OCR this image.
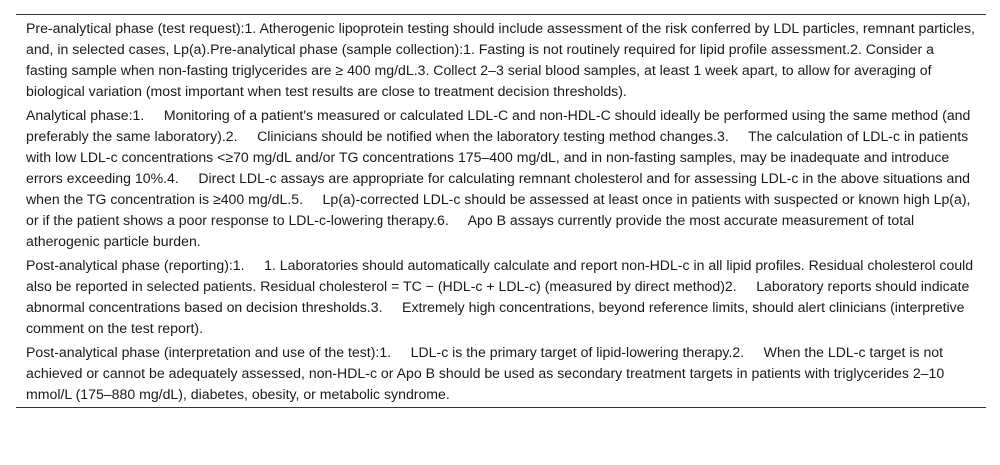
Pre-analytical phase (test request):1. Atherogenic lipoprotein testing should include assessment of the risk conferred by LDL particles, remnant particles, and, in selected cases, Lp(a).Pre-analytical phase (sample collection):1. Fasting is not routinely required for lipid profile assessment.2. Consider a fasting sample when non-fasting triglycerides are ≥ 400 mg/dL.3. Collect 2–3 serial blood samples, at least 1 week apart, to allow for averaging of biological variation (most important when test results are close to treatment decision thresholds).
Analytical phase:1.     Monitoring of a patient's measured or calculated LDL-C and non-HDL-C should ideally be performed using the same method (and preferably the same laboratory).2.     Clinicians should be notified when the laboratory testing method changes.3.     The calculation of LDL-c in patients with low LDL-c concentrations <≥70 mg/dL and/or TG concentrations 175–400 mg/dL, and in non-fasting samples, may be inadequate and introduce errors exceeding 10%.4.     Direct LDL-c assays are appropriate for calculating remnant cholesterol and for assessing LDL-c in the above situations and when the TG concentration is ≥400 mg/dL.5.     Lp(a)-corrected LDL-c should be assessed at least once in patients with suspected or known high Lp(a), or if the patient shows a poor response to LDL-c-lowering therapy.6.     Apo B assays currently provide the most accurate measurement of total atherogenic particle burden.
Post-analytical phase (reporting):1.     1. Laboratories should automatically calculate and report non-HDL-c in all lipid profiles. Residual cholesterol could also be reported in selected patients. Residual cholesterol = TC − (HDL-c + LDL-c) (measured by direct method)2.     Laboratory reports should indicate abnormal concentrations based on decision thresholds.3.     Extremely high concentrations, beyond reference limits, should alert clinicians (interpretive comment on the test report).
Post-analytical phase (interpretation and use of the test):1.     LDL-c is the primary target of lipid-lowering therapy.2.     When the LDL-c target is not achieved or cannot be adequately assessed, non-HDL-c or Apo B should be used as secondary treatment targets in patients with triglycerides 2–10 mmol/L (175–880 mg/dL), diabetes, obesity, or metabolic syndrome.
